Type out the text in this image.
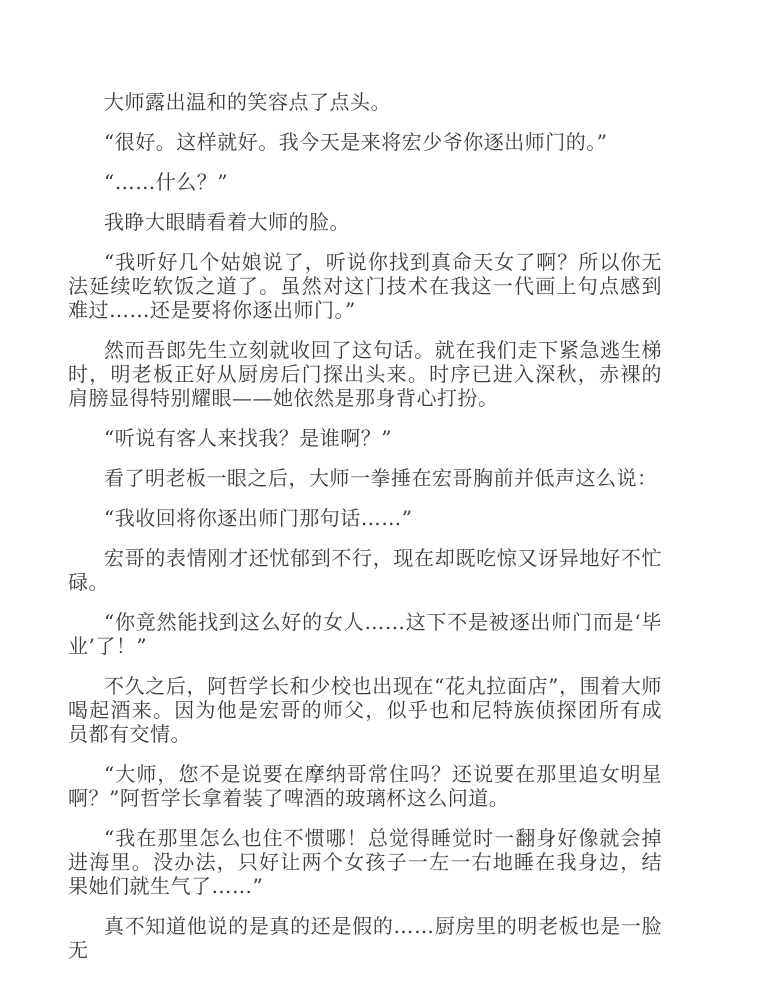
大师露出温和的笑容点了点头。

“很好。这样就好。我今天是来将宏少爷你逐出师门的。”

“……什么？”

我睁大眼睛看着大师的脸。

“我听好几个姑娘说了，听说你找到真命天女了啊？所以你无法延续吃软饭之道了。虽然对这门技术在我这一代画上句点感到难过……还是要将你逐出师门。”

然而吾郎先生立刻就收回了这句话。就在我们走下紧急逃生梯时，明老板正好从厨房后门探出头来。时序已进入深秋，赤裸的肩膀显得特别耀眼——她依然是那身背心打扮。

“听说有客人来找我？是谁啊？”

看了明老板一眼之后，大师一拳捶在宏哥胸前并低声这么说：

“我收回将你逐出师门那句话……”

宏哥的表情刚才还忧郁到不行，现在却既吃惊又讶异地好不忙碌。

“你竟然能找到这么好的女人……这下不是被逐出师门而是‘毕业’了！”

不久之后，阿哲学长和少校也出现在“花丸拉面店”，围着大师喝起酒来。因为他是宏哥的师父，似乎也和尼特族侦探团所有成员都有交情。

“大师，您不是说要在摩纳哥常住吗？还说要在那里追女明星啊？”阿哲学长拿着装了啤酒的玻璃杯这么问道。

“我在那里怎么也住不惯哪！总觉得睡觉时一翻身好像就会掉进海里。没办法，只好让两个女孩子一左一右地睡在我身边，结果她们就生气了……”

真不知道他说的是真的还是假的……厨房里的明老板也是一脸无
